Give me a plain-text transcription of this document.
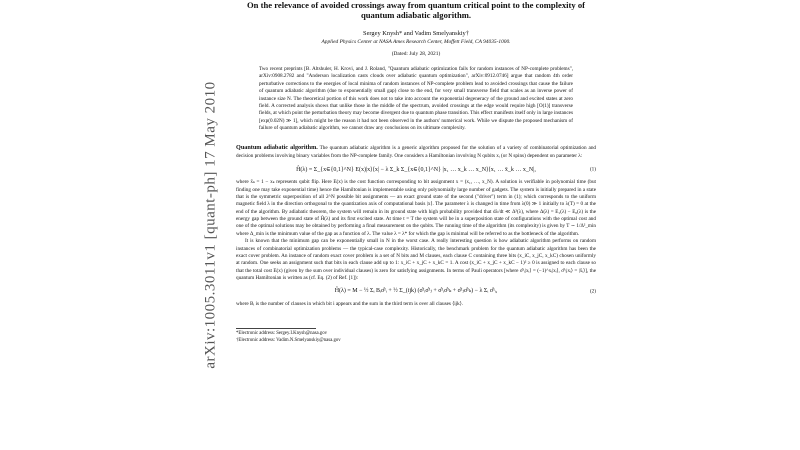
arXiv:1005.3011v1 [quant-ph] 17 May 2010
On the relevance of avoided crossings away from quantum critical point to the complexity of quantum adiabatic algorithm.
Sergey Knysh* and Vadim Smelyanskiy†
Applied Physics Center at NASA Ames Research Center, Moffett Field, CA 94035-1000.
(Dated: July 28, 2021)
Two recent preprints [B. Altshuler, H. Krovi, and J. Roland, "Quantum adiabatic optimization fails for random instances of NP-complete problems", arXiv:0908.2782 and "Anderson localization casts clouds over adiabatic quantum optimization", arXiv:0912.0746] argue that random 4th order perturbative corrections to the energies of local minima of random instances of NP-complete problem lead to avoided crossings that cause the failure of quantum adiabatic algorithm (due to exponentially small gap) close to the end, for very small transverse field that scales as an inverse power of instance size N. The theoretical portion of this work does not to take into account the exponential degeneracy of the ground and excited states at zero field. A corrected analysis shows that unlike those in the middle of the spectrum, avoided crossings at the edge would require high [O(1)] transverse fields, at which point the perturbation theory may become divergent due to quantum phase transition. This effect manifests itself only in large instances [exp(0.02N) ≫ 1], which might be the reason it had not been observed in the authors' numerical work. While we dispute the proposed mechanism of failure of quantum adiabatic algorithm, we cannot draw any conclusions on its ultimate complexity.

Quantum adiabatic algorithm. The quantum adiabatic algorithm is a generic algorithm proposed for the solution of a variety of combinatorial optimization and decision problems involving binary variables from the NP-complete family. One considers a Hamiltonian involving N qubits xᵢ (or N spins) dependent on parameter λ:

Ĥ(λ) = Σ_{x∈{0,1}^N} E(x)|x⟩⟨x| − λ Σ_k Σ_{x∈{0,1}^N} |x₁ … x_k … x_N⟩⟨x₁ … x̄_k … x_N|,	(1)

where x̄ₖ = 1 − xₖ represents qubit flip. Here E(x) is the cost function corresponding to bit assignment x = (x₁, …, x_N). A solution is verifiable in polynomial time (but finding one may take exponential time) hence the Hamiltonian is implementable using only polynomially large number of gadgets. The system is initially prepared in a state that is the symmetric superposition of all 2^N possible bit assignments — an exact ground state of the second ("driver") term in (1); which corresponds to the uniform magnetic field λ in the direction orthogonal to the quantization axis of computational basis |x⟩. The parameter λ is changed in time from λ(0) ≫ 1 initially to λ(T) = 0 at the end of the algorithm. By adiabatic theorem, the system will remain in its ground state with high probability provided that dλ/dt ≪ Δ²(λ), where Δ(λ) = E₁(λ) − E₀(λ) is the energy gap between the ground state of Ĥ(λ) and its first excited state. At time t = T the system will be in a superposition state of configurations with the optimal cost and one of the optimal solutions may be obtained by performing a final measurement on the qubits. The running time of the algorithm (its complexity) is given by T ∼ 1/Δ²_min where Δ_min is the minimum value of the gap as a function of λ. The value λ = λ* for which the gap is minimal will be referred to as the bottleneck of the algorithm.

It is known that the minimum gap can be exponentially small in N in the worst case. A really interesting question is how adiabatic algorithm performs on random instances of combinatorial optimization problems — the typical-case complexity. Historically, the benchmark problem for the quantum adiabatic algorithm has been the exact cover problem. An instance of random exact cover problem is a set of N bits and M clauses, each clause C containing three bits (x_iC, x_jC, x_kC) chosen uniformly at random. One seeks an assignment such that bits in each clause add up to 1: x_iC + x_jC + x_kC = 1. A cost (x_iC + x_jC + x_kC − 1)² ≥ 0 is assigned to each clause so that the total cost E(x) (given by the sum over individual clauses) is zero for satisfying assignments. In terms of Pauli operators [where σ̂ᶻᵢ|xᵢ⟩ = (−1)^xᵢ|xᵢ⟩, σ̂ˣᵢ|xᵢ⟩ = |x̄ᵢ⟩], the quantum Hamiltonian is written as (cf. Eq. (2) of Ref. [1]):

Ĥ(λ) = M − ½ Σᵢ Bᵢσ̂ᶻᵢ + ½ Σ_(ijk) (σ̂ᶻᵢσ̂ᶻⱼ + σ̂ᶻᵢσ̂ᶻₖ + σ̂ᶻⱼσ̂ᶻₖ) − λ Σᵢ σ̂ˣᵢ,	(2)

where Bᵢ is the number of clauses in which bit i appears and the sum in the third term is over all clauses ⟨ijk⟩.

*Electronic address: Sergey.I.Knysh@nasa.gov
†Electronic address: Vadim.N.Smelyanskiy@nasa.gov
